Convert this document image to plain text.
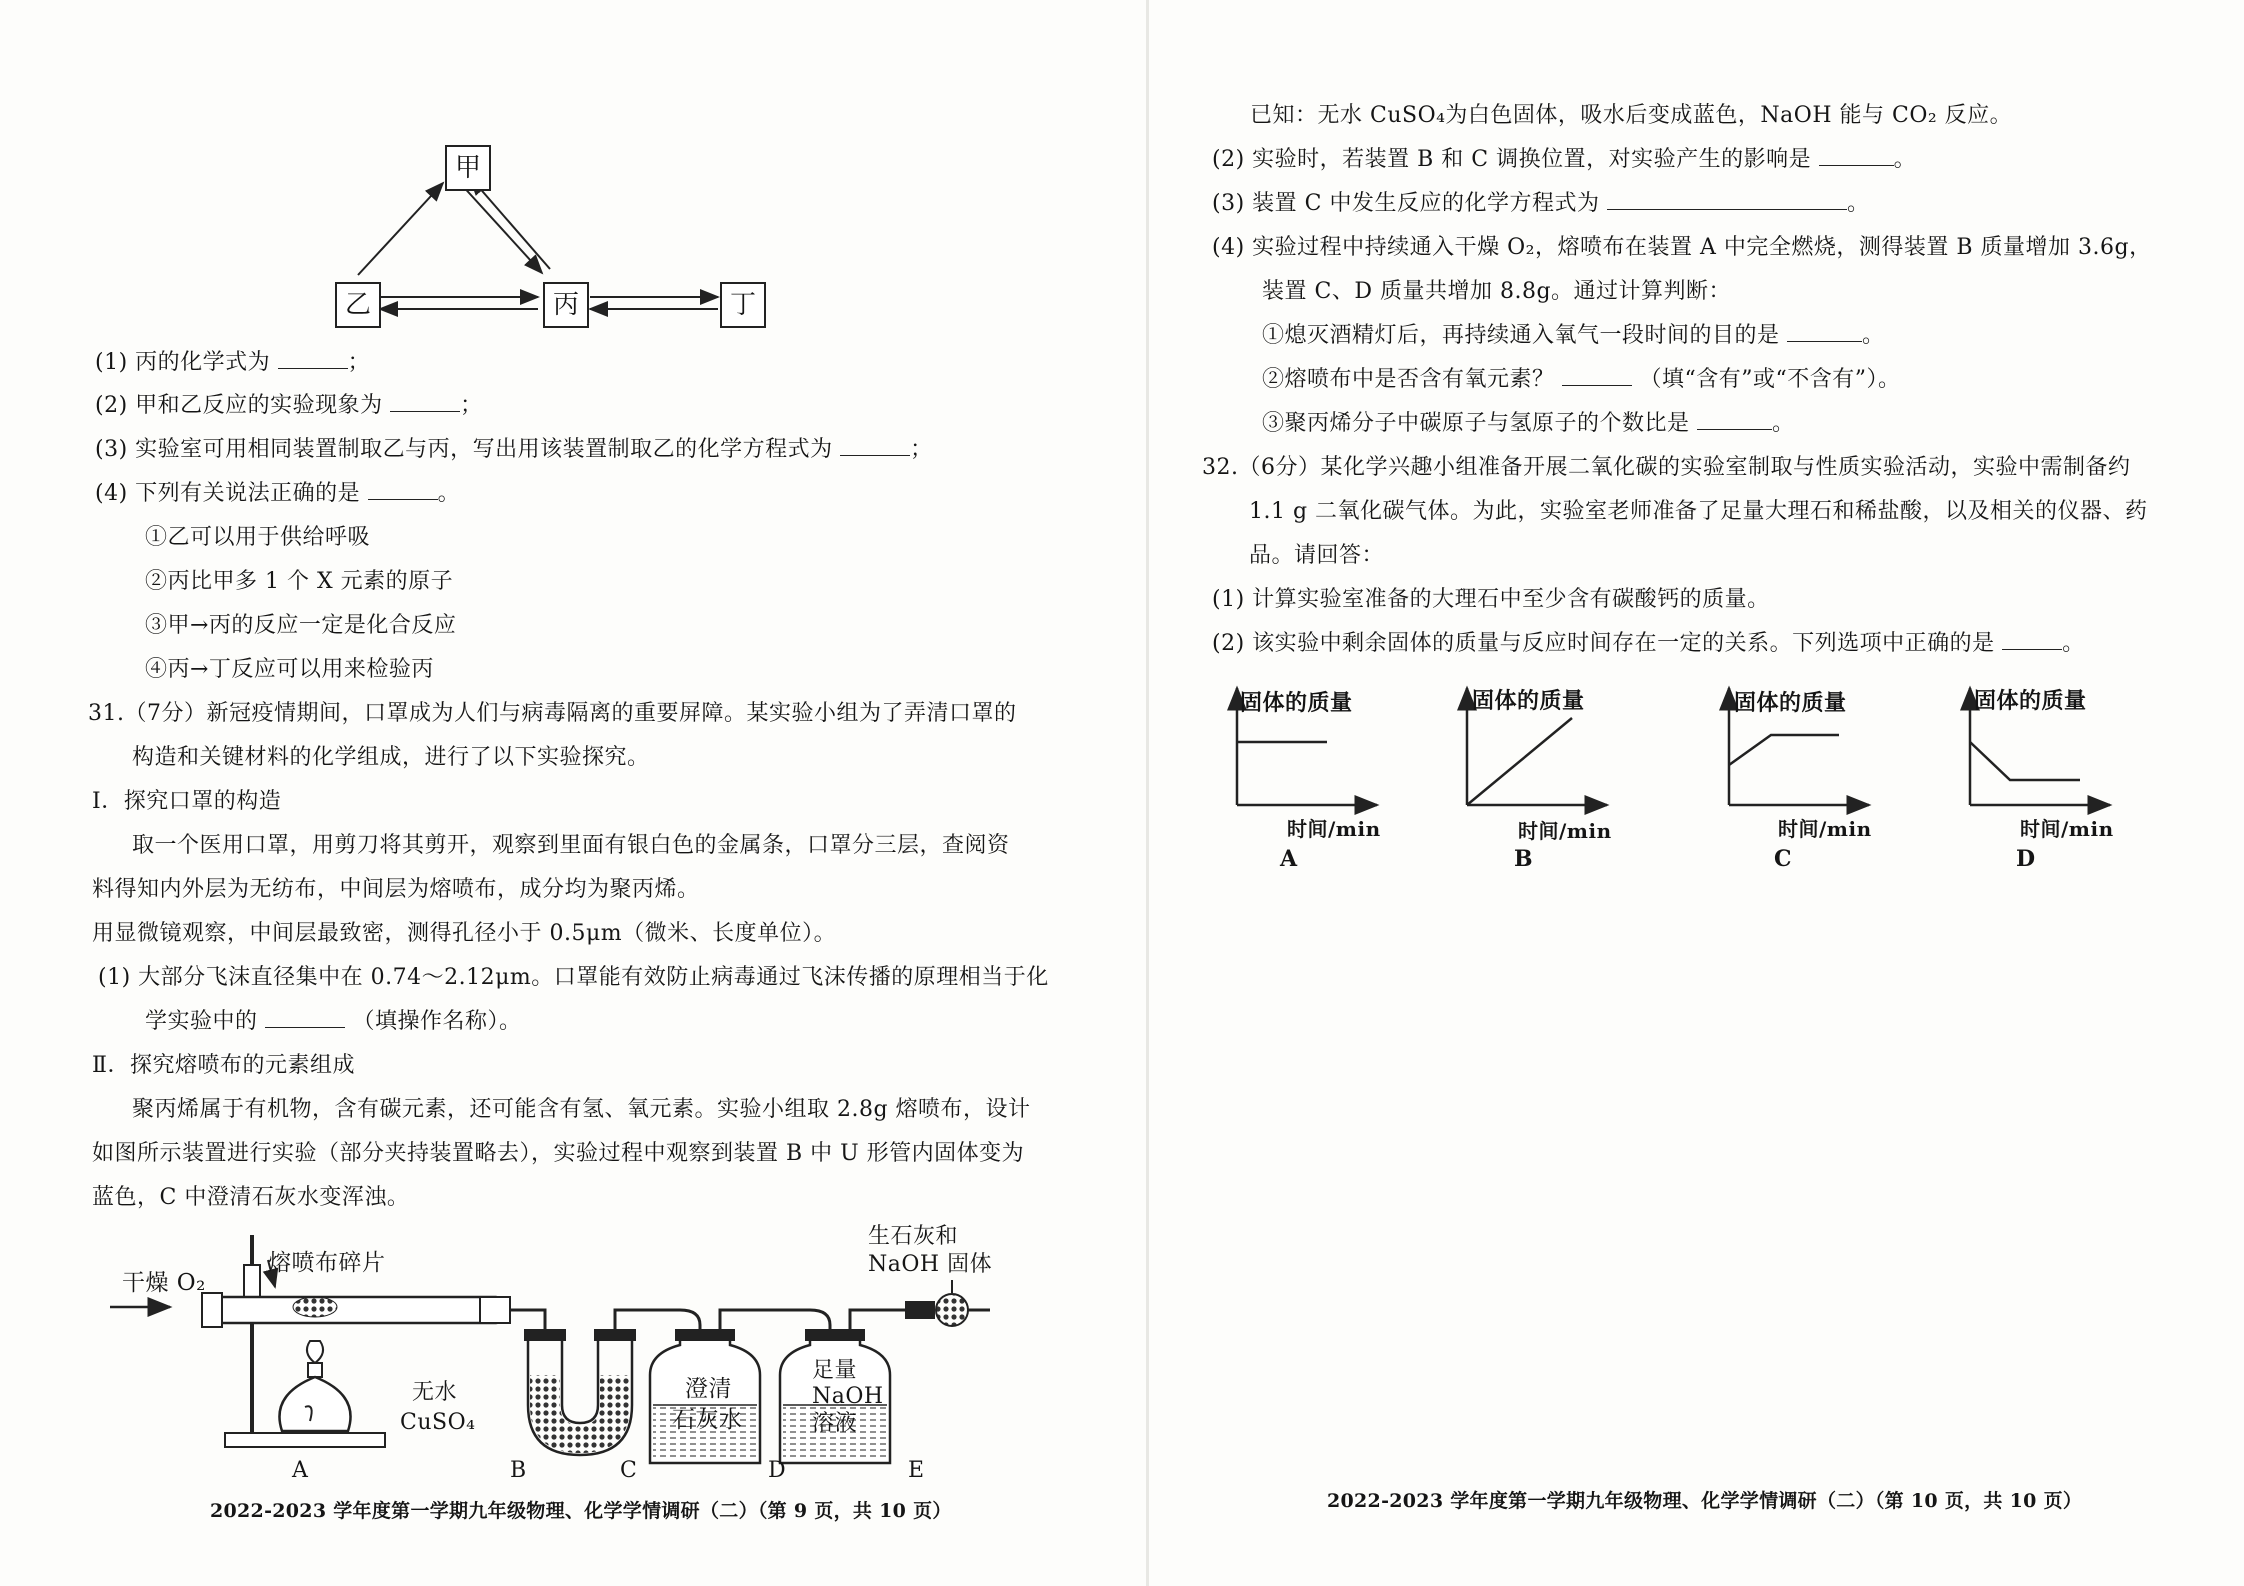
甲
乙	丙	丁
(1) 丙的化学式为	；
(2) 甲和乙反应的实验现象为	；
(3) 实验室可用相同装置制取乙与丙，写出用该装置制取乙的化学方程式为	；
(4) 下列有关说法正确的是	。
①乙可以用于供给呼吸
②丙比甲多 1 个 X 元素的原子
③甲→丙的反应一定是化合反应
④丙→丁反应可以用来检验丙
31.（7分）新冠疫情期间，口罩成为人们与病毒隔离的重要屏障。某实验小组为了弄清口罩的
构造和关键材料的化学组成，进行了以下实验探究。
Ⅰ．探究口罩的构造
取一个医用口罩，用剪刀将其剪开，观察到里面有银白色的金属条，口罩分三层，查阅资
料得知内外层为无纺布，中间层为熔喷布，成分均为聚丙烯。
用显微镜观察，中间层最致密，测得孔径小于 0.5μm（微米、长度单位）。
(1) 大部分飞沫直径集中在 0.74～2.12μm。口罩能有效防止病毒通过飞沫传播的原理相当于化
学实验中的	（填操作名称）。
Ⅱ．探究熔喷布的元素组成
聚丙烯属于有机物，含有碳元素，还可能含有氢、氧元素。实验小组取 2.8g 熔喷布，设计
如图所示装置进行实验（部分夹持装置略去），实验过程中观察到装置 B 中 U 形管内固体变为
蓝色，C 中澄清石灰水变浑浊。
干燥 O₂
熔喷布碎片
无水
CuSO₄
澄清
石灰水
足量
NaOH
溶液
生石灰和
NaOH 固体
A	B	C	D	E
2022-2023 学年度第一学期九年级物理、化学学情调研（二）（第 9 页，共 10 页）
已知：无水 CuSO₄为白色固体，吸水后变成蓝色，NaOH 能与 CO₂ 反应。
(2) 实验时，若装置 B 和 C 调换位置，对实验产生的影响是	。
(3) 装置 C 中发生反应的化学方程式为	。
(4) 实验过程中持续通入干燥 O₂，熔喷布在装置 A 中完全燃烧，测得装置 B 质量增加 3.6g，
装置 C、D 质量共增加 8.8g。通过计算判断：
①熄灭酒精灯后，再持续通入氧气一段时间的目的是	。
②熔喷布中是否含有氧元素？	（填“含有”或“不含有”）。
③聚丙烯分子中碳原子与氢原子的个数比是	。
32.（6分）某化学兴趣小组准备开展二氧化碳的实验室制取与性质实验活动，实验中需制备约
1.1 g 二氧化碳气体。为此，实验室老师准备了足量大理石和稀盐酸，以及相关的仪器、药
品。请回答：
(1) 计算实验室准备的大理石中至少含有碳酸钙的质量。
(2) 该实验中剩余固体的质量与反应时间存在一定的关系。下列选项中正确的是	。
固体的质量	固体的质量	固体的质量	固体的质量
时间/min	时间/min	时间/min	时间/min
A	B	C	D
2022-2023 学年度第一学期九年级物理、化学学情调研（二）（第 10 页，共 10 页）
